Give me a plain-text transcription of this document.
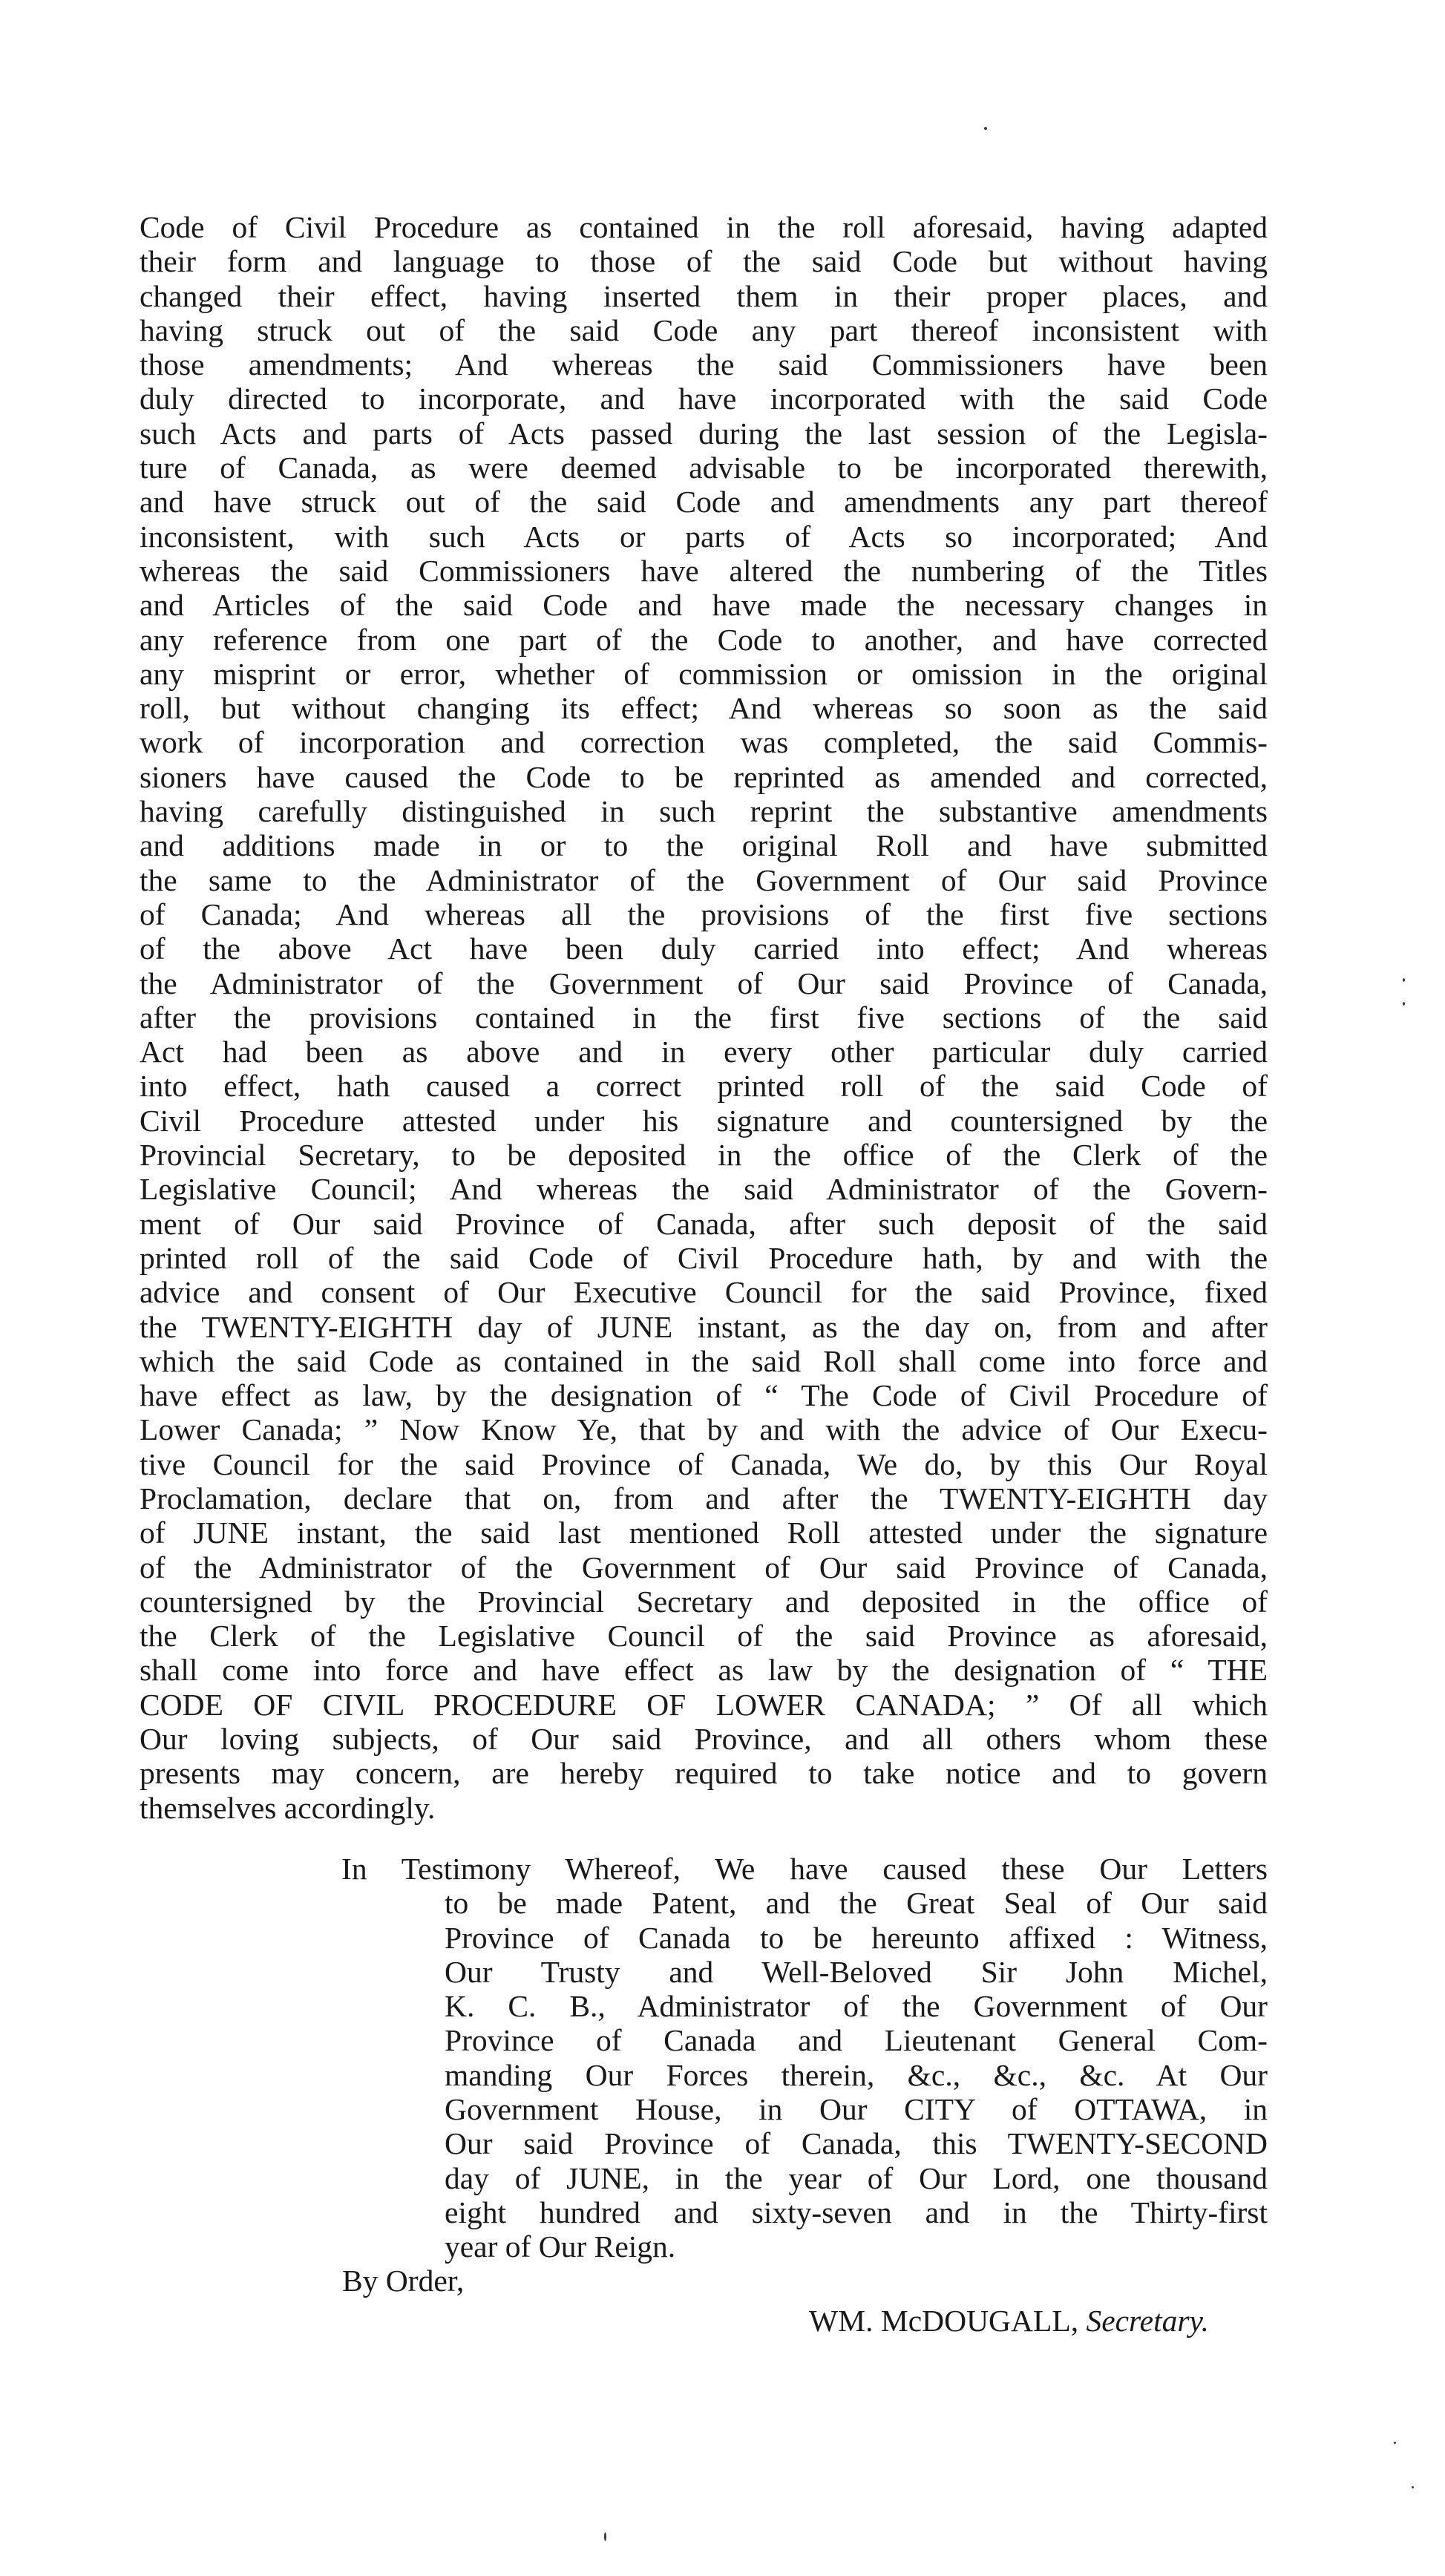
Code of Civil Procedure as contained in the roll aforesaid, having adapted
their form and language to those of the said Code but without having
changed their effect, having inserted them in their proper places, and
having struck out of the said Code any part thereof inconsistent with
those amendments; And whereas the said Commissioners have been
duly directed to incorporate, and have incorporated with the said Code
such Acts and parts of Acts passed during the last session of the Legisla-
ture of Canada, as were deemed advisable to be incorporated therewith,
and have struck out of the said Code and amendments any part thereof
inconsistent, with such Acts or parts of Acts so incorporated; And
whereas the said Commissioners have altered the numbering of the Titles
and Articles of the said Code and have made the necessary changes in
any reference from one part of the Code to another, and have corrected
any misprint or error, whether of commission or omission in the original
roll, but without changing its effect; And whereas so soon as the said
work of incorporation and correction was completed, the said Commis-
sioners have caused the Code to be reprinted as amended and corrected,
having carefully distinguished in such reprint the substantive amendments
and additions made in or to the original Roll and have submitted
the same to the Administrator of the Government of Our said Province
of Canada; And whereas all the provisions of the first five sections
of the above Act have been duly carried into effect; And whereas
the Administrator of the Government of Our said Province of Canada,
after the provisions contained in the first five sections of the said
Act had been as above and in every other particular duly carried
into effect, hath caused a correct printed roll of the said Code of
Civil Procedure attested under his signature and countersigned by the
Provincial Secretary, to be deposited in the office of the Clerk of the
Legislative Council; And whereas the said Administrator of the Govern-
ment of Our said Province of Canada, after such deposit of the said
printed roll of the said Code of Civil Procedure hath, by and with the
advice and consent of Our Executive Council for the said Province, fixed
the TWENTY-EIGHTH day of JUNE instant, as the day on, from and after
which the said Code as contained in the said Roll shall come into force and
have effect as law, by the designation of “ The Code of Civil Procedure of
Lower Canada; ” Now Know Ye, that by and with the advice of Our Execu-
tive Council for the said Province of Canada, We do, by this Our Royal
Proclamation, declare that on, from and after the TWENTY-EIGHTH day
of JUNE instant, the said last mentioned Roll attested under the signature
of the Administrator of the Government of Our said Province of Canada,
countersigned by the Provincial Secretary and deposited in the office of
the Clerk of the Legislative Council of the said Province as aforesaid,
shall come into force and have effect as law by the designation of “ THE
CODE OF CIVIL PROCEDURE OF LOWER CANADA; ” Of all which
Our loving subjects, of Our said Province, and all others whom these
presents may concern, are hereby required to take notice and to govern
themselves accordingly.
In Testimony Whereof, We have caused these Our Letters
to be made Patent, and the Great Seal of Our said
Province of Canada to be hereunto affixed : Witness,
Our Trusty and Well-Beloved Sir John Michel,
K. C. B., Administrator of the Government of Our
Province of Canada and Lieutenant General Com-
manding Our Forces therein, &c., &c., &c. At Our
Government House, in Our CITY of OTTAWA, in
Our said Province of Canada, this TWENTY-SECOND
day of JUNE, in the year of Our Lord, one thousand
eight hundred and sixty-seven and in the Thirty-first
year of Our Reign.
By Order,
WM. McDOUGALL, Secretary.
